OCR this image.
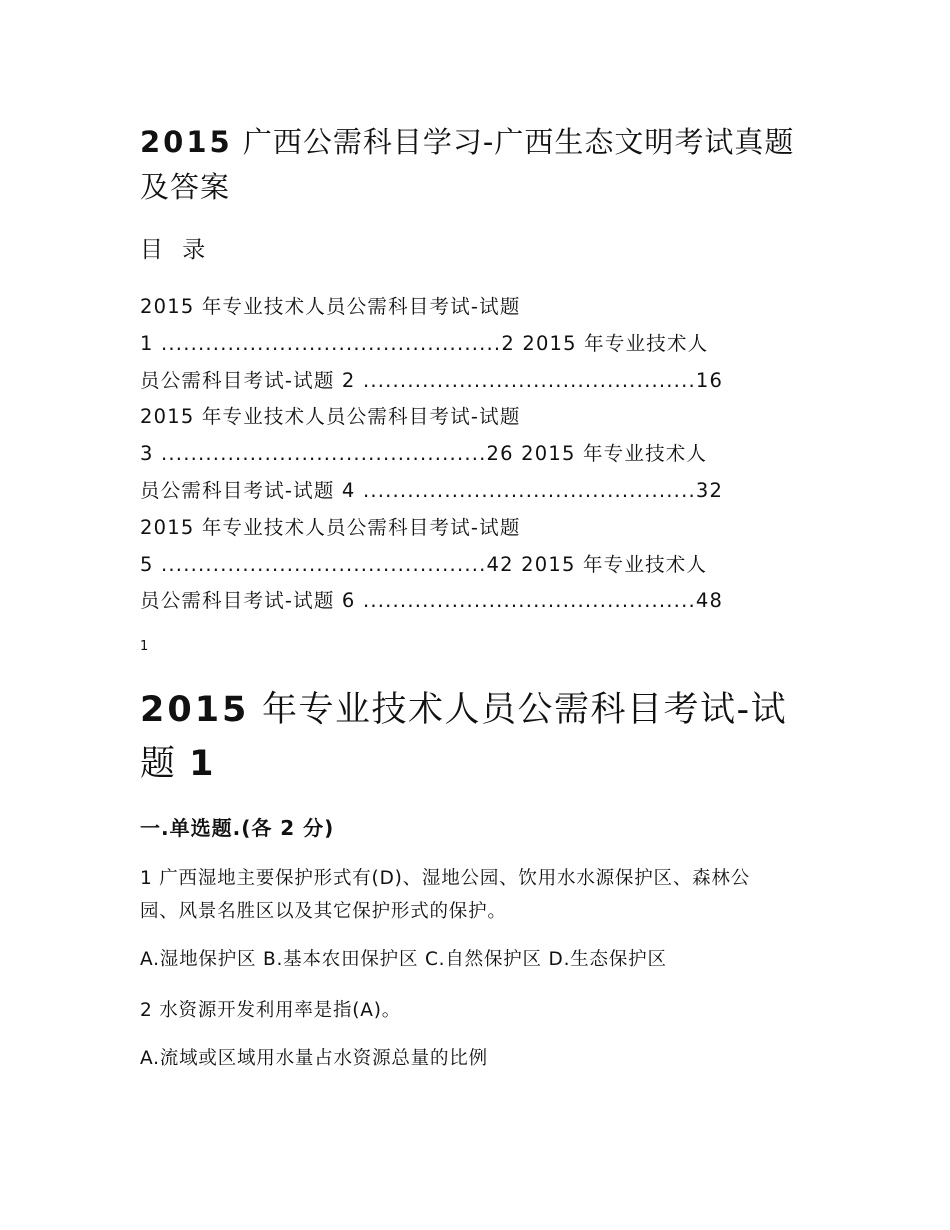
2015 广西公需科目学习-广西生态文明考试真题
及答案
目 录
2015 年专业技术人员公需科目考试-试题
1 ..............................................2 2015 年专业技术人
员公需科目考试-试题 2 .............................................16
2015 年专业技术人员公需科目考试-试题
3 ............................................26 2015 年专业技术人
员公需科目考试-试题 4 .............................................32
2015 年专业技术人员公需科目考试-试题
5 ............................................42 2015 年专业技术人
员公需科目考试-试题 6 .............................................48
1
2015 年专业技术人员公需科目考试-试
题 1
一.单选题.(各 2 分)
1 广西湿地主要保护形式有(D)、湿地公园、饮用水水源保护区、森林公
园、风景名胜区以及其它保护形式的保护。
A.湿地保护区 B.基本农田保护区 C.自然保护区 D.生态保护区
2 水资源开发利用率是指(A)。
A.流域或区域用水量占水资源总量的比例
